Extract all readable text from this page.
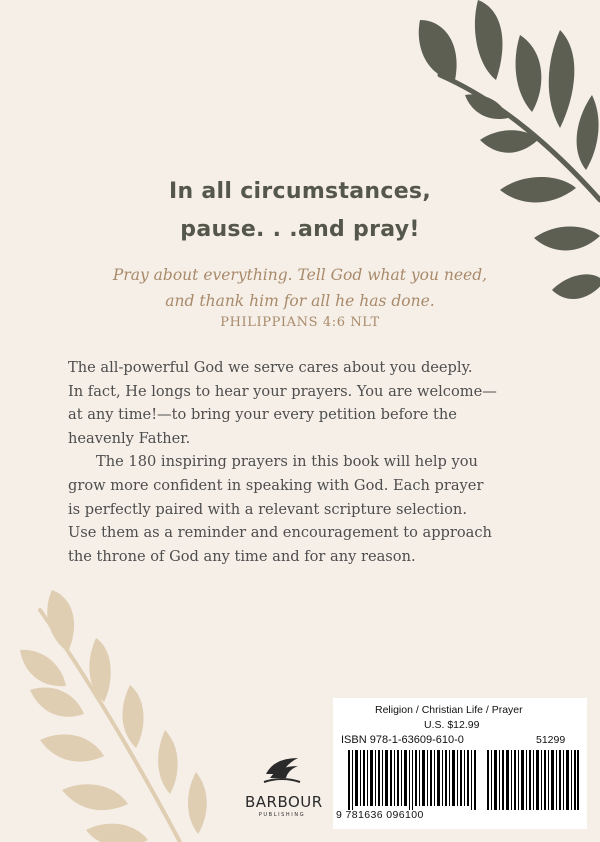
In all circumstances,
pause. . .and pray!
Pray about everything. Tell God what you need,
and thank him for all he has done.
PHILIPPIANS 4:6 NLT
The all-powerful God we serve cares about you deeply.
In fact, He longs to hear your prayers. You are welcome—
at any time!—to bring your every petition before the
heavenly Father.
The 180 inspiring prayers in this book will help you
grow more confident in speaking with God. Each prayer
is perfectly paired with a relevant scripture selection.
Use them as a reminder and encouragement to approach
the throne of God any time and for any reason.
BARBOUR
PUBLISHING
Religion / Christian Life / Prayer
U.S. $12.99
ISBN 978-1-63609-610-0	51299
9 781636 096100
